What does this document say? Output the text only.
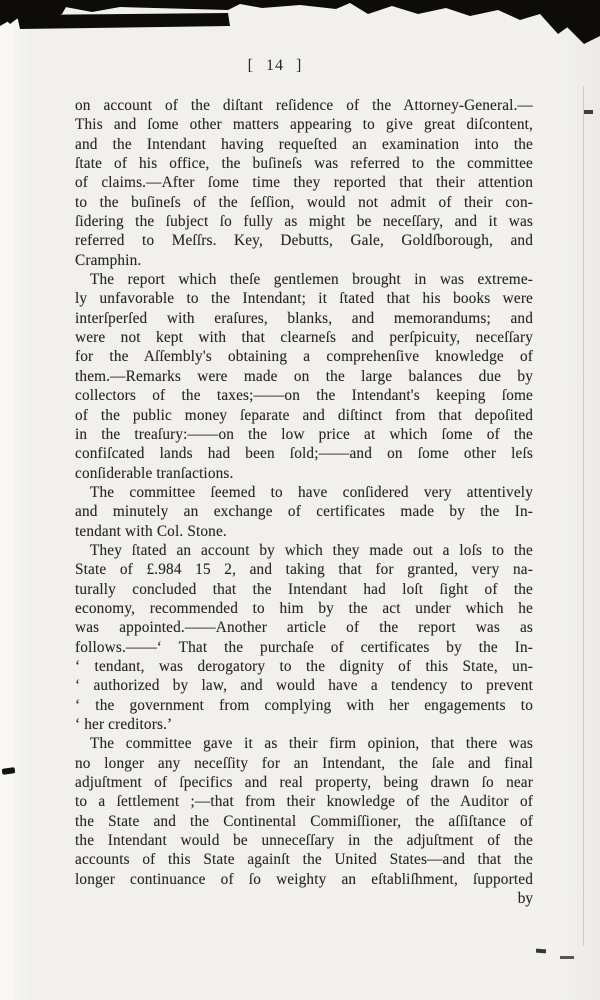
[ 14 ]
on account of the diſtant reſidence of the Attorney-General.—
This and ſome other matters appearing to give great diſcontent,
and the Intendant having requeſted an examination into the
ſtate of his office, the buſineſs was referred to the committee
of claims.—After ſome time they reported that their attention
to the buſineſs of the ſeſſion, would not admit of their con-
ſidering the ſubject ſo fully as might be neceſſary, and it was
referred to Meſſrs. Key, Debutts, Gale, Goldſborough, and
Cramphin.
The report which theſe gentlemen brought in was extreme-
ly unfavorable to the Intendant; it ſtated that his books were
interſperſed with eraſures, blanks, and memorandums; and
were not kept with that clearneſs and perſpicuity, neceſſary
for the Aſſembly's obtaining a comprehenſive knowledge of
them.—Remarks were made on the large balances due by
collectors of the taxes;——on the Intendant's keeping ſome
of the public money ſeparate and diſtinct from that depoſited
in the treaſury:——on the low price at which ſome of the
confiſcated lands had been ſold;——and on ſome other leſs
conſiderable tranſactions.
The committee ſeemed to have conſidered very attentively
and minutely an exchange of certificates made by the In-
tendant with Col. Stone.
They ſtated an account by which they made out a loſs to the
State of £.984 15 2, and taking that for granted, very na-
turally concluded that the Intendant had loſt ſight of the
economy, recommended to him by the act under which he
was appointed.——Another article of the report was as
follows.——‘ That the purchaſe of certificates by the In-
‘ tendant, was derogatory to the dignity of this State, un-
‘ authorized by law, and would have a tendency to prevent
‘ the government from complying with her engagements to
‘ her creditors.’
The committee gave it as their firm opinion, that there was
no longer any neceſſity for an Intendant, the ſale and final
adjuſtment of ſpecifics and real property, being drawn ſo near
to a ſettlement ;—that from their knowledge of the Auditor of
the State and the Continental Commiſſioner, the aſſiſtance of
the Intendant would be unneceſſary in the adjuſtment of the
accounts of this State againſt the United States—and that the
longer continuance of ſo weighty an eſtabliſhment, ſupported
by
